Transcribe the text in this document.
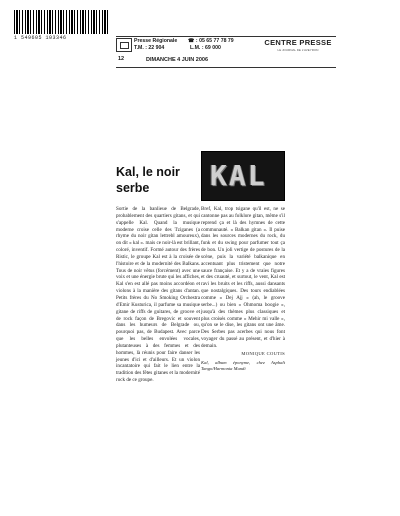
1 549605 103346
12
Presse Régionale
T.M. : 22 904
☎ : 05 65 77 78 79
L.M. : 69 000
DIMANCHE 4 JUIN 2006
CENTRE PRESSE
LE JOURNAL DE L'AVEYRON
Kal, le noir serbe	KAL

Sortie de la banlieue de Belgrade, probablement des quartiers gitans, et qui s'appelle Kal. Quand la musique moderne croise celle des Tziganes (a rhyme du noir gitan lettrebl amoureux), on dit « kal ». mais ce noir-là est brillant, coloré, inventif. Formé autour des frères Ristic, le groupe Kal est à la croisée de l'histoire et de la modernité des Balkans. Tous de noir vêtus (forcément) avec une voix et une énergie brute qui les affiches, Kal s'en est allé pas moins accordéon et violons à la manière des gitans d'antan. Petits frères du No Smoking Orchestra d'Emir Kusturica, il parfume sa musique gitane de riffs de guitares, de groove et de rock façon de Bregovic et souvent dans les humeurs de Belgrade ou, pourquoi pas, de Budapest. Avec parce que les belles envolées vocales, plutanteuses à des femmes et des hommes, là réunis pour faire danser les jeunes d'ici et d'ailleurs. Et un violon incantatoire qui fait le lien entre la tradition des fêtes gitanes et la modernité rock de ce groupe.

Bref, Kal, trop tsigane qu'il est, ne se cantonne pas au folklore gitan, même s'il reprend ça et là des hymnes de cette communauté. « Balkan gitan ». Il puise dans les sources modernes du rock, du funk et du swing pour parfumer tout ça de bon. Un joli vertige de postures de la scène, puis la variété balkanique en accentuant plus tristement que notre sauce française. Et y a de vraies figures et des cruauté, et surtout, le vent, Kal est ravi les bruits et les riffs, aussi dansants que nostalgiques. Des tours endiablées comme « Dej Ajj » (ah, le groove serbe...) ou bien « Ohmoma boogie », jusqu'à des thèmes plus classiques et plus croisés comme « Mehir mi valle », qu'on se le dise, les gitans ont une âme. Des Serbes pas acerbes qui nous font voyager du passé au présent, et d'hier à demain.

MONIQUE COUTIS
Kal, album éponyme, chez Asphalt Tango/Harmonia Mundi
